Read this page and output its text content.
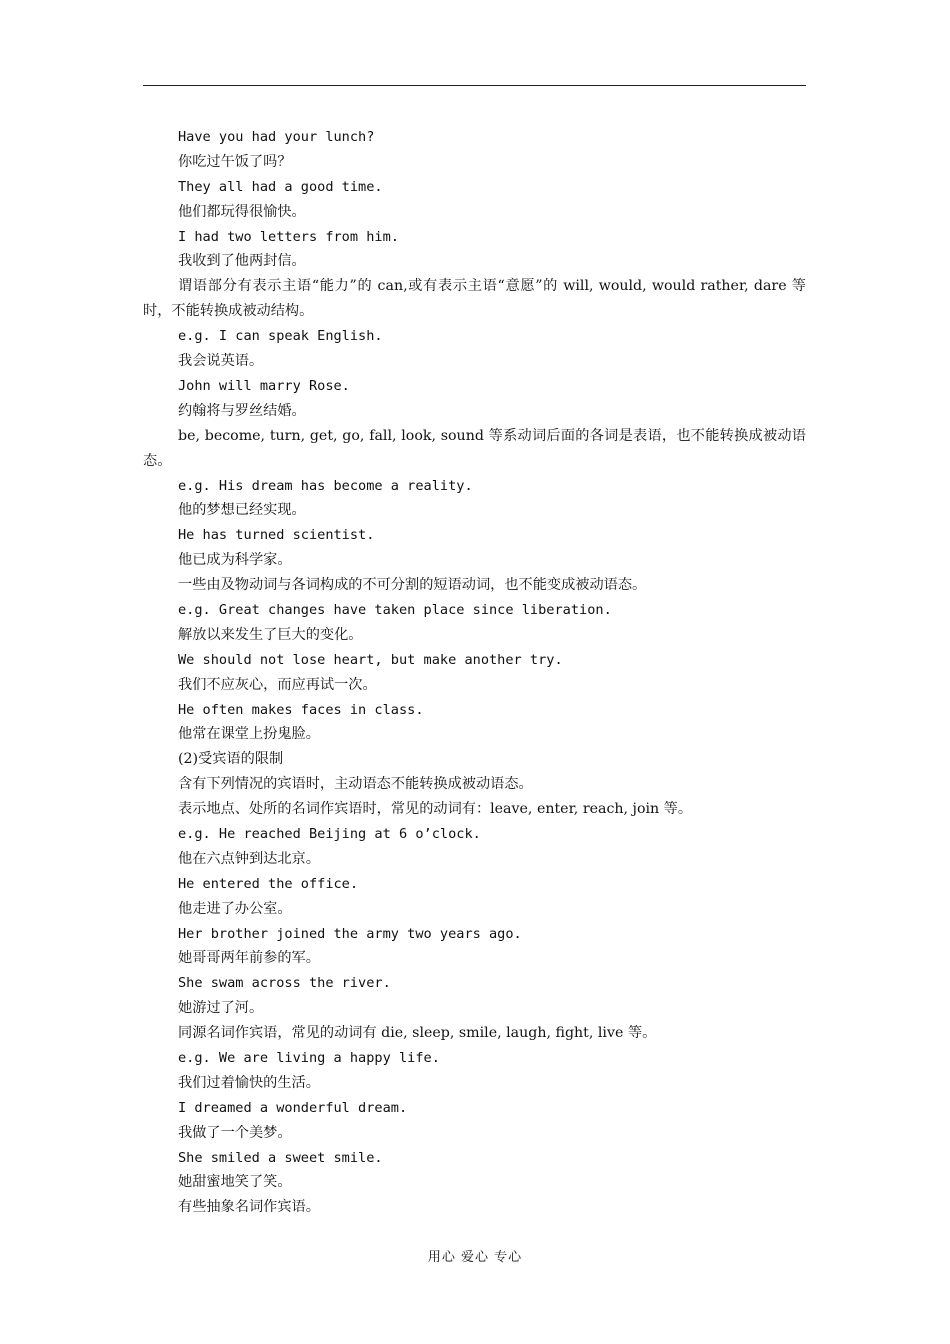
Have you had your lunch?
你吃过午饭了吗？
They all had a good time.
他们都玩得很愉快。
I had two letters from him.
我收到了他两封信。
谓语部分有表示主语“能力”的 can,或有表示主语“意愿”的 will, would, would rather, dare 等时，不能转换成被动结构。
e.g. I can speak English.
我会说英语。
John will marry Rose.
约翰将与罗丝结婚。
be, become, turn, get, go, fall, look, sound 等系动词后面的各词是表语，也不能转换成被动语态。
e.g. His dream has become a reality.
他的梦想已经实现。
He has turned scientist.
他已成为科学家。
一些由及物动词与各词构成的不可分割的短语动词，也不能变成被动语态。
e.g. Great changes have taken place since liberation.
解放以来发生了巨大的变化。
We should not lose heart, but make another try.
我们不应灰心，而应再试一次。
He often makes faces in class.
他常在课堂上扮鬼脸。
(2)受宾语的限制
含有下列情况的宾语时，主动语态不能转换成被动语态。
表示地点、处所的名词作宾语时，常见的动词有：leave, enter, reach, join 等。
e.g. He reached Beijing at 6 o’clock.
他在六点钟到达北京。
He entered the office.
他走进了办公室。
Her brother joined the army two years ago.
她哥哥两年前参的军。
She swam across the river.
她游过了河。
同源名词作宾语，常见的动词有 die, sleep, smile, laugh, fight, live 等。
e.g. We are living a happy life.
我们过着愉快的生活。
I dreamed a wonderful dream.
我做了一个美梦。
She smiled a sweet smile.
她甜蜜地笑了笑。
有些抽象名词作宾语。
用心 爱心 专心
